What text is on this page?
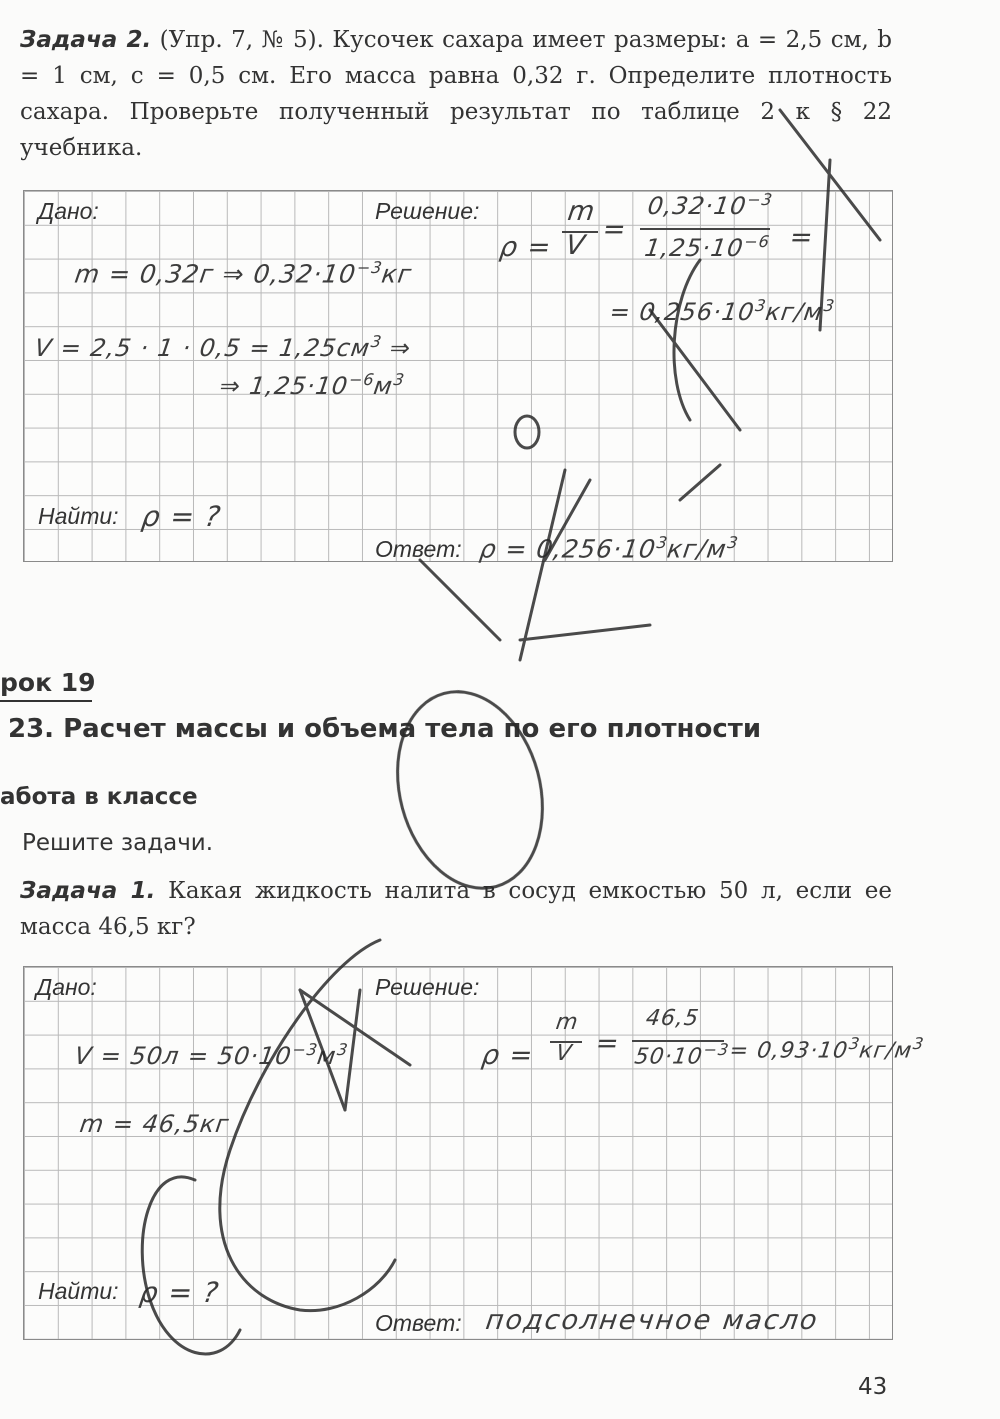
Задача 2. (Упр. 7, № 5). Кусочек сахара имеет размеры: a = 2,5 см, b = 1 см, c = 0,5 см. Его масса равна 0,32 г. Определите плотность сахара. Проверьте полученный результат по таблице 2 к § 22 учебника.
Дано:	Решение:
Найти:
Ответ:
m = 0,32г ⇒ $0,32\cdot 10^{-3}кг$
$V = 2,5 \cdot 1 \cdot 0,5 = 1,25см^3$ ⇒
⇒ $1,25\cdot 10^{-6}м^3$
ρ =
m
V
=
$0,32\cdot 10^{-3}$
$1,25\cdot 10^{-6}$ =
= $0,256\cdot 10^3кг/м^3$
ρ = ?
$\rho = 0,256\cdot 10^3кг/м^3$
рок 19
23. Расчет массы и объема тела по его плотности
абота в классе
Решите задачи.
Задача 1. Какая жидкость налита в сосуд емкостью 50 л, если ее масса 46,5 кг?
Дано:	Решение:
Найти:
Ответ:
$V = 50л = 50\cdot 10^{-3}м^3$
m = 46,5кг
ρ =
m
V =
46,5
$50\cdot 10^{-3}$
= $0,93\cdot 10^3кг/м^3$
ρ = ?
подсолнечное масло
43
